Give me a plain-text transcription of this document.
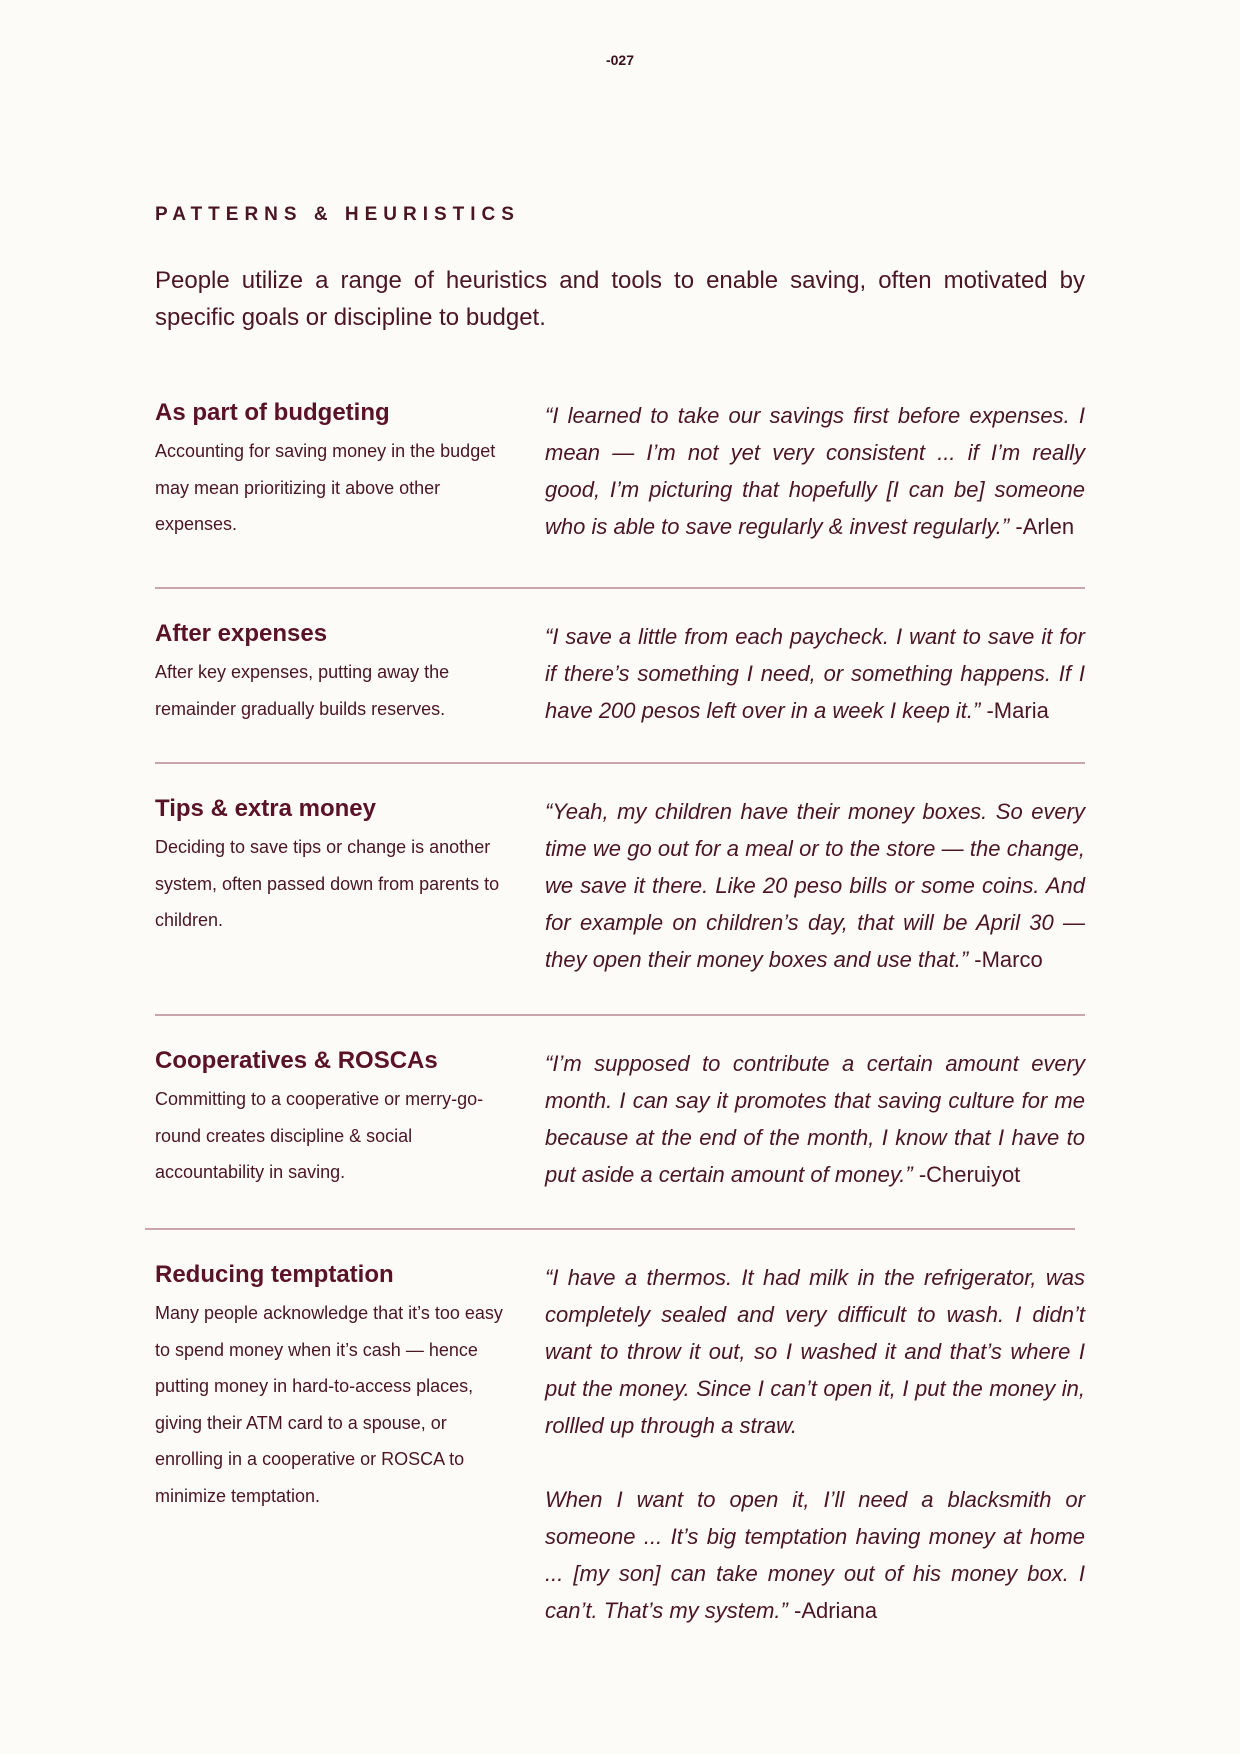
-027
PATTERNS & HEURISTICS

People utilize a range of heuristics and tools to enable saving, often motivated by specific goals or discipline to budget.

As part of budgeting

Accounting for saving money in the budget may mean prioritizing it above other expenses.

“I learned to take our savings first before expenses. I mean — I’m not yet very consistent ... if I’m really good, I’m picturing that hopefully [I can be] someone who is able to save regularly & invest regularly.” -Arlen

After expenses

After key expenses, putting away the remainder gradually builds reserves.

“I save a little from each paycheck. I want to save it for if there’s something I need, or something happens. If I have 200 pesos left over in a week I keep it.” -Maria

Tips & extra money

Deciding to save tips or change is another system, often passed down from parents to children.

“Yeah, my children have their money boxes. So every time we go out for a meal or to the store — the change, we save it there. Like 20 peso bills or some coins. And for example on children’s day, that will be April 30 — they open their money boxes and use that.” -Marco

Cooperatives & ROSCAs

Committing to a cooperative or merry-go-round creates discipline & social accountability in saving.

“I’m supposed to contribute a certain amount every month. I can say it promotes that saving culture for me because at the end of the month, I know that I have to put aside a certain amount of money.” -Cheruiyot

Reducing temptation

Many people acknowledge that it’s too easy to spend money when it’s cash — hence putting money in hard-to-access places, giving their ATM card to a spouse, or enrolling in a cooperative or ROSCA to minimize temptation.

“I have a thermos. It had milk in the refrigerator, was completely sealed and very difficult to wash. I didn’t want to throw it out, so I washed it and that’s where I put the money. Since I can’t open it, I put the money in, rollled up through a straw.

When I want to open it, I’ll need a blacksmith or someone ... It’s big temptation having money at home ... [my son] can take money out of his money box. I can’t. That’s my system.” -Adriana
